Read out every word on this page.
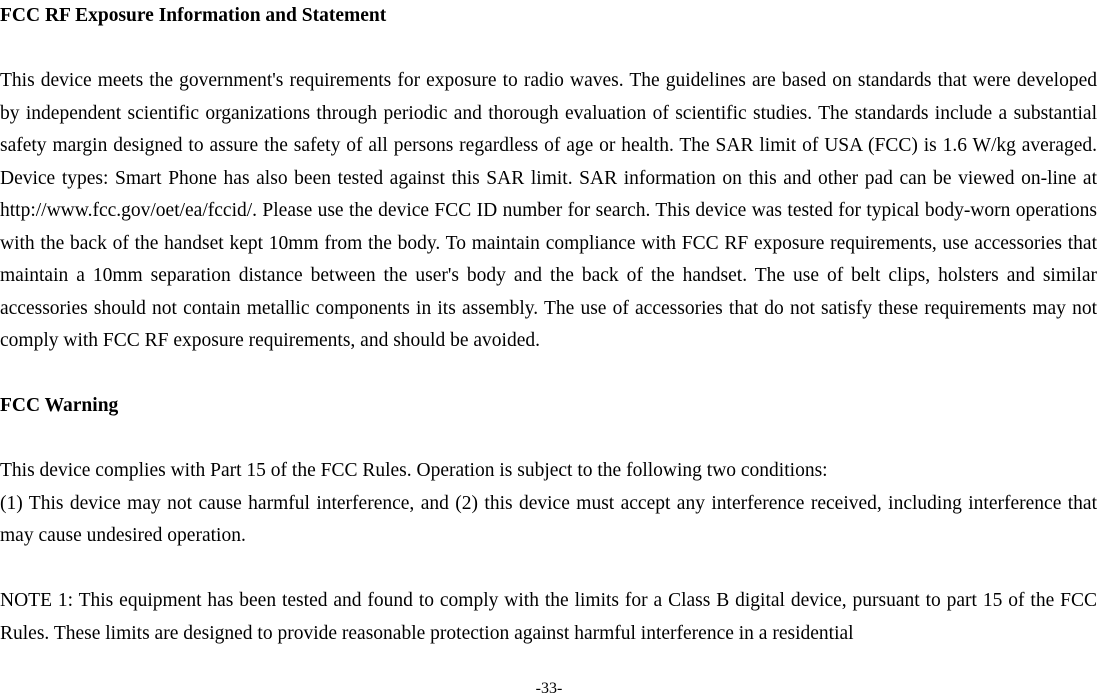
FCC RF Exposure Information and Statement

This device meets the government's requirements for exposure to radio waves. The guidelines are based on standards that were developed by independent scientific organizations through periodic and thorough evaluation of scientific studies. The standards include a substantial safety margin designed to assure the safety of all persons regardless of age or health. The SAR limit of USA (FCC) is 1.6 W/kg averaged. Device types: Smart Phone has also been tested against this SAR limit. SAR information on this and other pad can be viewed on‑line at http://www.fcc.gov/oet/ea/fccid/. Please use the device FCC ID number for search. This device was tested for typical body-worn operations with the back of the handset kept 10mm from the body. To maintain compliance with FCC RF exposure requirements, use accessories that maintain a 10mm separation distance between the user's body and the back of the handset. The use of belt clips, holsters and similar accessories should not contain metallic components in its assembly. The use of accessories that do not satisfy these requirements may not comply with FCC RF exposure requirements, and should be avoided.

FCC Warning

This device complies with Part 15 of the FCC Rules. Operation is subject to the following two conditions:

(1) This device may not cause harmful interference, and (2) this device must accept any interference received, including interference that may cause undesired operation.

NOTE 1: This equipment has been tested and found to comply with the limits for a Class B digital device, pursuant to part 15 of the FCC Rules. These limits are designed to provide reasonable protection against harmful interference in a residential

-33-
